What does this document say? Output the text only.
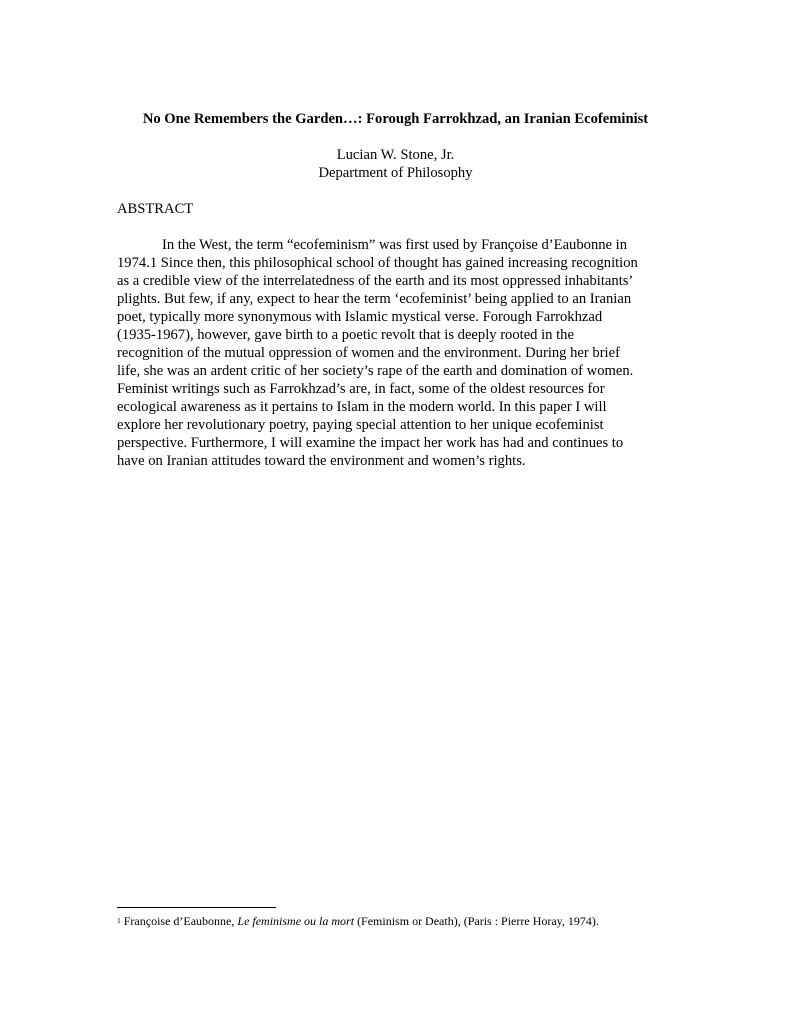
No One Remembers the Garden…: Forough Farrokhzad, an Iranian Ecofeminist
Lucian W. Stone, Jr.
Department of Philosophy
ABSTRACT
In the West, the term “ecofeminism” was first used by Françoise d’Eaubonne in
1974.1 Since then, this philosophical school of thought has gained increasing recognition
as a credible view of the interrelatedness of the earth and its most oppressed inhabitants’
plights. But few, if any, expect to hear the term ‘ecofeminist’ being applied to an Iranian
poet, typically more synonymous with Islamic mystical verse. Forough Farrokhzad
(1935-1967), however, gave birth to a poetic revolt that is deeply rooted in the
recognition of the mutual oppression of women and the environment. During her brief
life, she was an ardent critic of her society’s rape of the earth and domination of women.
Feminist writings such as Farrokhzad’s are, in fact, some of the oldest resources for
ecological awareness as it pertains to Islam in the modern world. In this paper I will
explore her revolutionary poetry, paying special attention to her unique ecofeminist
perspective. Furthermore, I will examine the impact her work has had and continues to
have on Iranian attitudes toward the environment and women’s rights.
$^1$ Françoise d’Eaubonne, Le feminisme ou la mort (Feminism or Death), (Paris : Pierre Horay, 1974).
